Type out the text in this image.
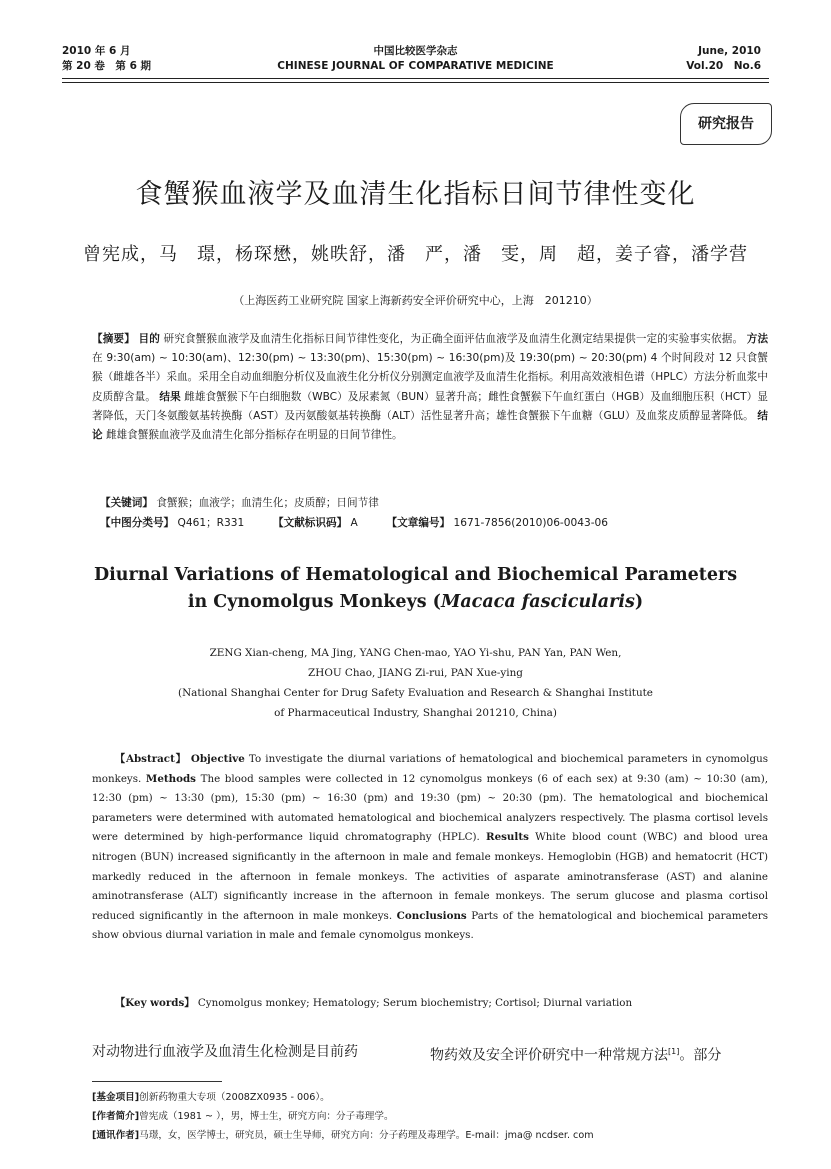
2010 年 6 月
第 20 卷　第 6 期
中国比较医学杂志
CHINESE JOURNAL OF COMPARATIVE MEDICINE
June, 2010
Vol.20　No.6
研究报告
食蟹猴血液学及血清生化指标日间节律性变化
曾宪成，马　璟，杨琛懋，姚昳舒，潘　严，潘　雯，周　超，姜子睿，潘学营
（上海医药工业研究院 国家上海新药安全评价研究中心，上海　201210）
【摘要】 目的 研究食蟹猴血液学及血清生化指标日间节律性变化，为正确全面评估血液学及血清生化测定结果提供一定的实验事实依据。 方法 在 9:30(am) ~ 10:30(am)、12:30(pm) ~ 13:30(pm)、15:30(pm) ~ 16:30(pm)及 19:30(pm) ~ 20:30(pm) 4 个时间段对 12 只食蟹猴（雌雄各半）采血。采用全自动血细胞分析仪及血液生化分析仪分别测定血液学及血清生化指标。利用高效液相色谱（HPLC）方法分析血浆中皮质醇含量。 结果 雌雄食蟹猴下午白细胞数（WBC）及尿素氮（BUN）显著升高；雌性食蟹猴下午血红蛋白（HGB）及血细胞压积（HCT）显著降低，天门冬氨酸氨基转换酶（AST）及丙氨酸氨基转换酶（ALT）活性显著升高；雄性食蟹猴下午血糖（GLU）及血浆皮质醇显著降低。 结论 雌雄食蟹猴血液学及血清生化部分指标存在明显的日间节律性。
【关键词】 食蟹猴；血液学；血清生化；皮质醇；日间节律
【中图分类号】 Q461；R331	【文献标识码】 A	【文章编号】 1671-7856(2010)06-0043-06
Diurnal Variations of Hematological and Biochemical Parameters
in Cynomolgus Monkeys (Macaca fascicularis)
ZENG Xian-cheng, MA Jing, YANG Chen-mao, YAO Yi-shu, PAN Yan, PAN Wen,
ZHOU Chao, JIANG Zi-rui, PAN Xue-ying
(National Shanghai Center for Drug Safety Evaluation and Research & Shanghai Institute
of Pharmaceutical Industry, Shanghai 201210, China)
【Abstract】 Objective To investigate the diurnal variations of hematological and biochemical parameters in cynomolgus monkeys. Methods The blood samples were collected in 12 cynomolgus monkeys (6 of each sex) at 9:30 (am) ~ 10:30 (am), 12:30 (pm) ~ 13:30 (pm), 15:30 (pm) ~ 16:30 (pm) and 19:30 (pm) ~ 20:30 (pm). The hematological and biochemical parameters were determined with automated hematological and biochemical analyzers respectively. The plasma cortisol levels were determined by high-performance liquid chromatography (HPLC). Results White blood count (WBC) and blood urea nitrogen (BUN) increased significantly in the afternoon in male and female monkeys. Hemoglobin (HGB) and hematocrit (HCT) markedly reduced in the afternoon in female monkeys. The activities of asparate aminotransferase (AST) and alanine aminotransferase (ALT) significantly increase in the afternoon in female monkeys. The serum glucose and plasma cortisol reduced significantly in the afternoon in male monkeys. Conclusions Parts of the hematological and biochemical parameters show obvious diurnal variation in male and female cynomolgus monkeys.
【Key words】 Cynomolgus monkey; Hematology; Serum biochemistry; Cortisol; Diurnal variation
对动物进行血液学及血清生化检测是目前药	物药效及安全评价研究中一种常规方法[1]。部分
[基金项目]创新药物重大专项（2008ZX0935 - 006）。
[作者简介]曾宪成（1981 ~ ），男，博士生，研究方向：分子毒理学。
[通讯作者]马璟，女，医学博士，研究员，硕士生导师，研究方向：分子药理及毒理学。E-mail：jma@ ncdser. com
